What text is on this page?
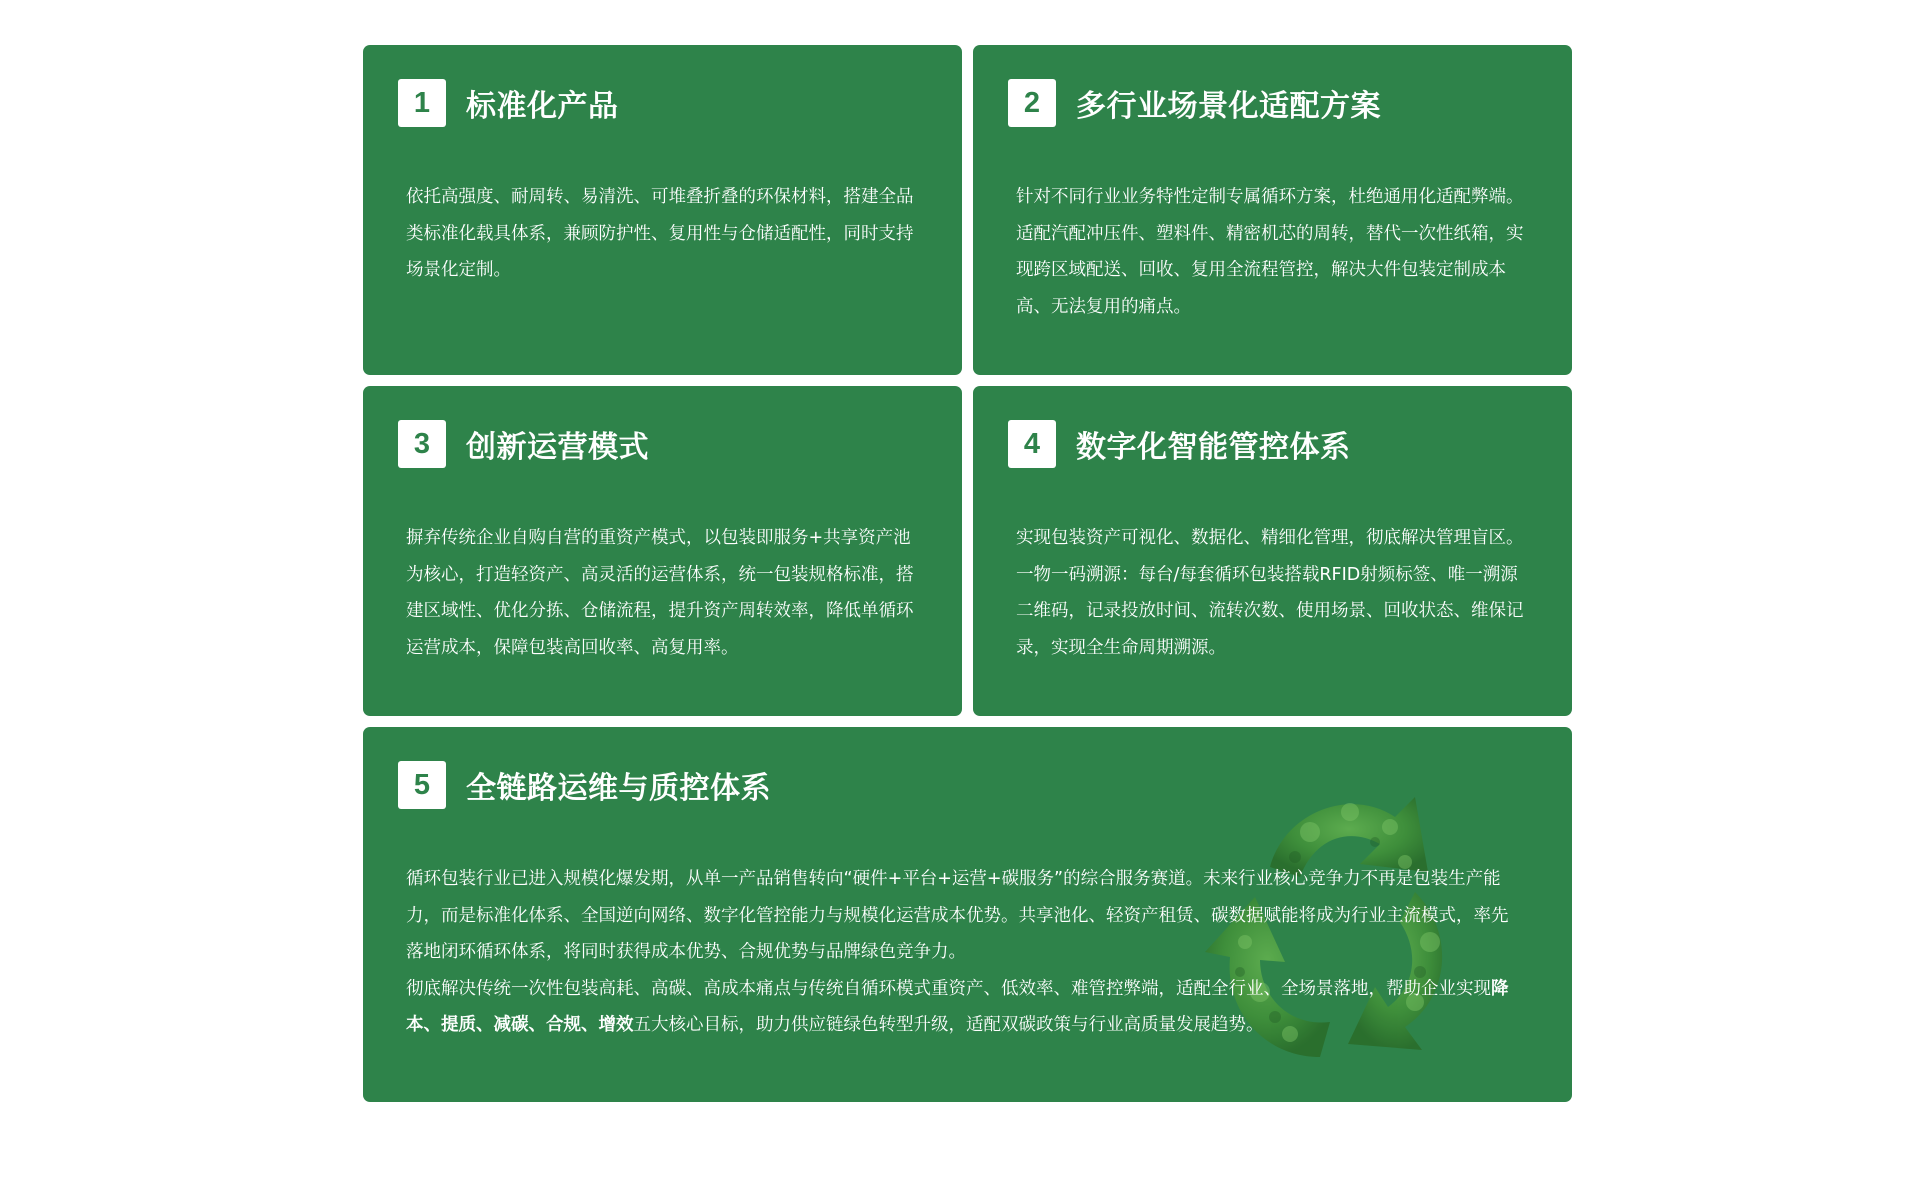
1	标准化产品
依托高强度、耐周转、易清洗、可堆叠折叠的环保材料，搭建全品类标准化载具体系，兼顾防护性、复用性与仓储适配性，同时支持场景化定制。
2	多行业场景化适配方案
针对不同行业业务特性定制专属循环方案，杜绝通用化适配弊端。适配汽配冲压件、塑料件、精密机芯的周转，替代一次性纸箱，实现跨区域配送、回收、复用全流程管控，解决大件包装定制成本高、无法复用的痛点。
3	创新运营模式
摒弃传统企业自购自营的重资产模式，以包装即服务+共享资产池为核心，打造轻资产、高灵活的运营体系，统一包装规格标准，搭建区域性、优化分拣、仓储流程，提升资产周转效率，降低单循环运营成本，保障包装高回收率、高复用率。
4	数字化智能管控体系
实现包装资产可视化、数据化、精细化管理，彻底解决管理盲区。一物一码溯源：每台/每套循环包装搭载RFID射频标签、唯一溯源二维码，记录投放时间、流转次数、使用场景、回收状态、维保记录，实现全生命周期溯源。
5	全链路运维与质控体系

循环包装行业已进入规模化爆发期，从单一产品销售转向“硬件+平台+运营+碳服务”的综合服务赛道。未来行业核心竞争力不再是包装生产能力，而是标准化体系、全国逆向网络、数字化管控能力与规模化运营成本优势。共享池化、轻资产租赁、碳数据赋能将成为行业主流模式，率先落地闭环循环体系，将同时获得成本优势、合规优势与品牌绿色竞争力。

彻底解决传统一次性包装高耗、高碳、高成本痛点与传统自循环模式重资产、低效率、难管控弊端，适配全行业、全场景落地，帮助企业实现降本、提质、减碳、合规、增效五大核心目标，助力供应链绿色转型升级，适配双碳政策与行业高质量发展趋势。
